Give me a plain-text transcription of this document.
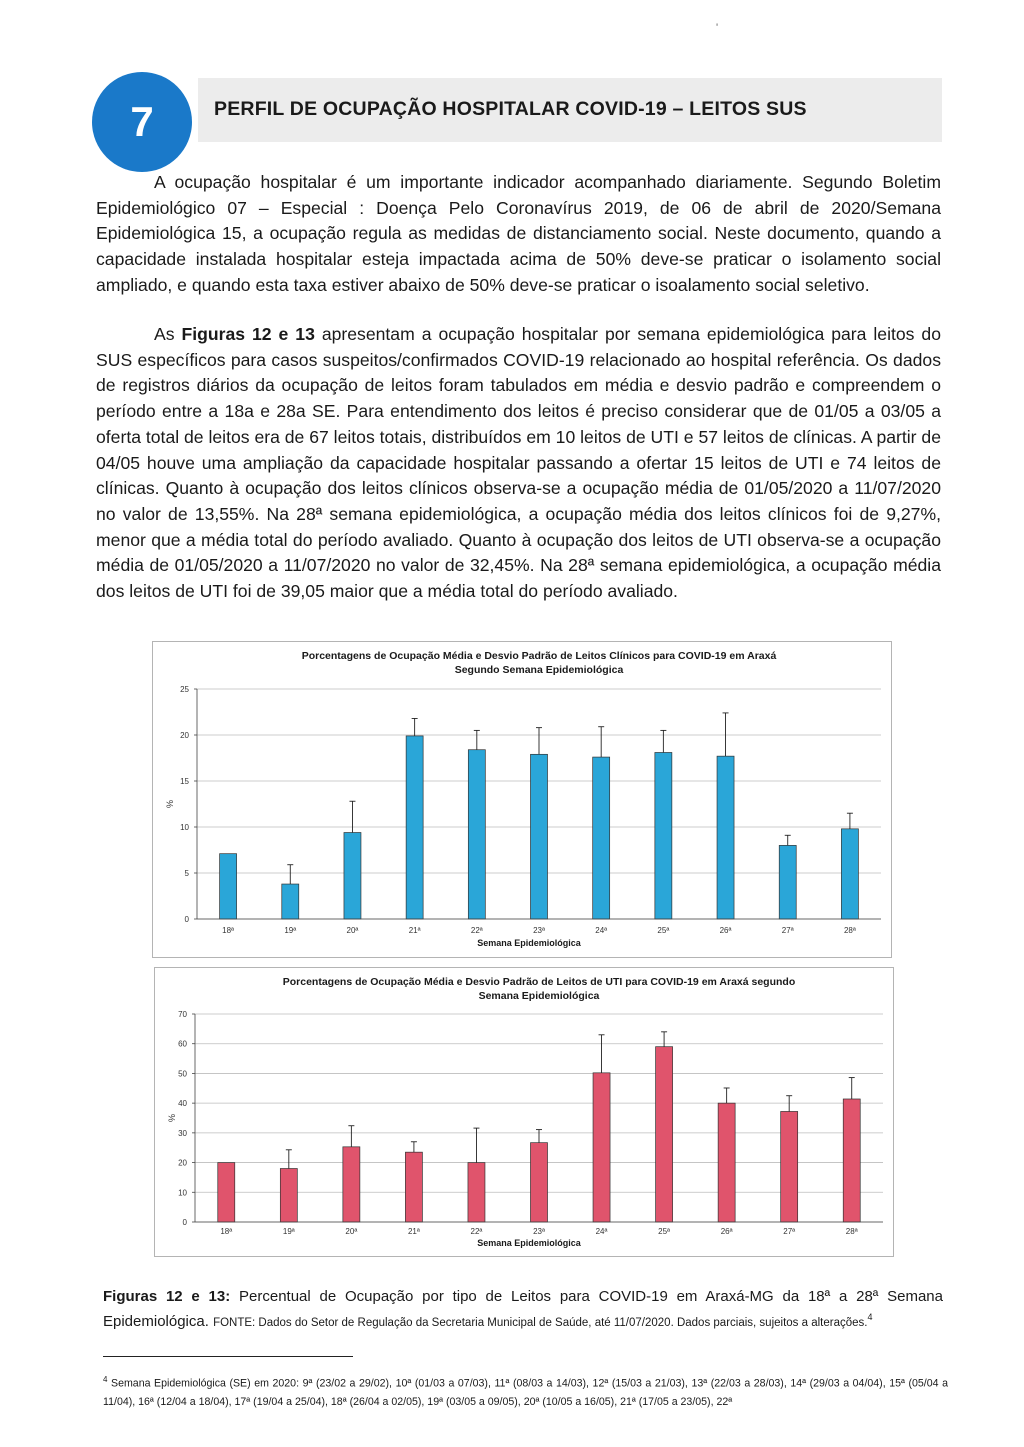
'
7	PERFIL DE OCUPAÇÃO HOSPITALAR COVID-19 – LEITOS SUS

A ocupação hospitalar é um importante indicador acompanhado diariamente. Segundo Boletim Epidemiológico 07 – Especial : Doença Pelo Coronavírus 2019, de 06 de abril de 2020/Semana Epidemiológica 15, a ocupação regula as medidas de distanciamento social. Neste documento, quando a capacidade instalada hospitalar esteja impactada acima de 50% deve-se praticar o isolamento social ampliado, e quando esta taxa estiver abaixo de 50% deve-se praticar o isoalamento social seletivo.

As Figuras 12 e 13 apresentam a ocupação hospitalar por semana epidemiológica para leitos do SUS específicos para casos suspeitos/confirmados COVID-19 relacionado ao hospital referência. Os dados de registros diários da ocupação de leitos foram tabulados em média e desvio padrão e compreendem o período entre a 18a e 28a SE. Para entendimento dos leitos é preciso considerar que de 01/05 a 03/05 a oferta total de leitos era de 67 leitos totais, distribuídos em 10 leitos de UTI e 57 leitos de clínicas. A partir de 04/05 houve uma ampliação da capacidade hospitalar passando a ofertar 15 leitos de UTI e 74 leitos de clínicas. Quanto à ocupação dos leitos clínicos observa-se a ocupação média de 01/05/2020 a 11/07/2020 no valor de 13,55%. Na 28ª semana epidemiológica, a ocupação média dos leitos clínicos foi de 9,27%, menor que a média total do período avaliado. Quanto à ocupação dos leitos de UTI observa-se a ocupação média de 01/05/2020 a 11/07/2020 no valor de 32,45%. Na 28ª semana epidemiológica, a ocupação média dos leitos de UTI foi de 39,05 maior que a média total do período avaliado.

Porcentagens de Ocupação Média e Desvio Padrão de Leitos Clínicos para COVID-19 em Araxá
Segundo Semana Epidemiológica
0
5
10
15
20
25
%
18ª	19ª	20ª	21ª	22ª	23ª	24ª	25ª	26ª	27ª	28ª
Semana Epidemiológica
Porcentagens de Ocupação Média e Desvio Padrão de Leitos de UTI para COVID-19 em Araxá segundo
Semana Epidemiológica
0
10
20
30
40
50
60
70
%
18ª	19ª	20ª	21ª	22ª	23ª	24ª	25ª	26ª	27ª	28ª
Semana Epidemiológica
Figuras 12 e 13: Percentual de Ocupação por tipo de Leitos para COVID-19 em Araxá-MG da 18ª a 28ª Semana Epidemiológica. FONTE: Dados do Setor de Regulação da Secretaria Municipal de Saúde, até 11/07/2020. Dados parciais, sujeitos a alterações.$^4$
$^4$ Semana Epidemiológica (SE) em 2020: 9ª (23/02 a 29/02), 10ª (01/03 a 07/03), 11ª (08/03 a 14/03), 12ª (15/03 a 21/03), 13ª (22/03 a 28/03), 14ª (29/03 a 04/04), 15ª (05/04 a 11/04), 16ª (12/04 a 18/04), 17ª (19/04 a 25/04), 18ª (26/04 a 02/05), 19ª (03/05 a 09/05), 20ª (10/05 a 16/05), 21ª (17/05 a 23/05), 22ª
